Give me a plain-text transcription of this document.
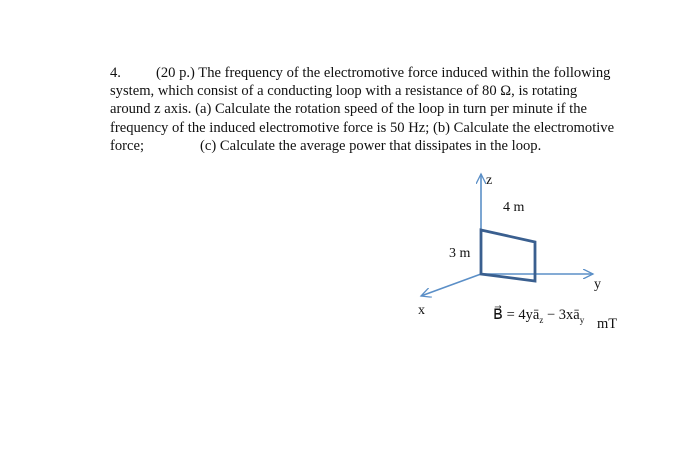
4. (20 p.) The frequency of the electromotive force induced within the following
system, which consist of a conducting loop with a resistance of 80 Ω, is rotating
around z axis. (a) Calculate the rotation speed of the loop in turn per minute if the
frequency of the induced electromotive force is 50 Hz; (b) Calculate the electromotive
force;	(c) Calculate the average power that dissipates in the loop.
z
y
x
4 m
3 m
B⃗ = $4yā_z$ − $3xā_y$ mT
